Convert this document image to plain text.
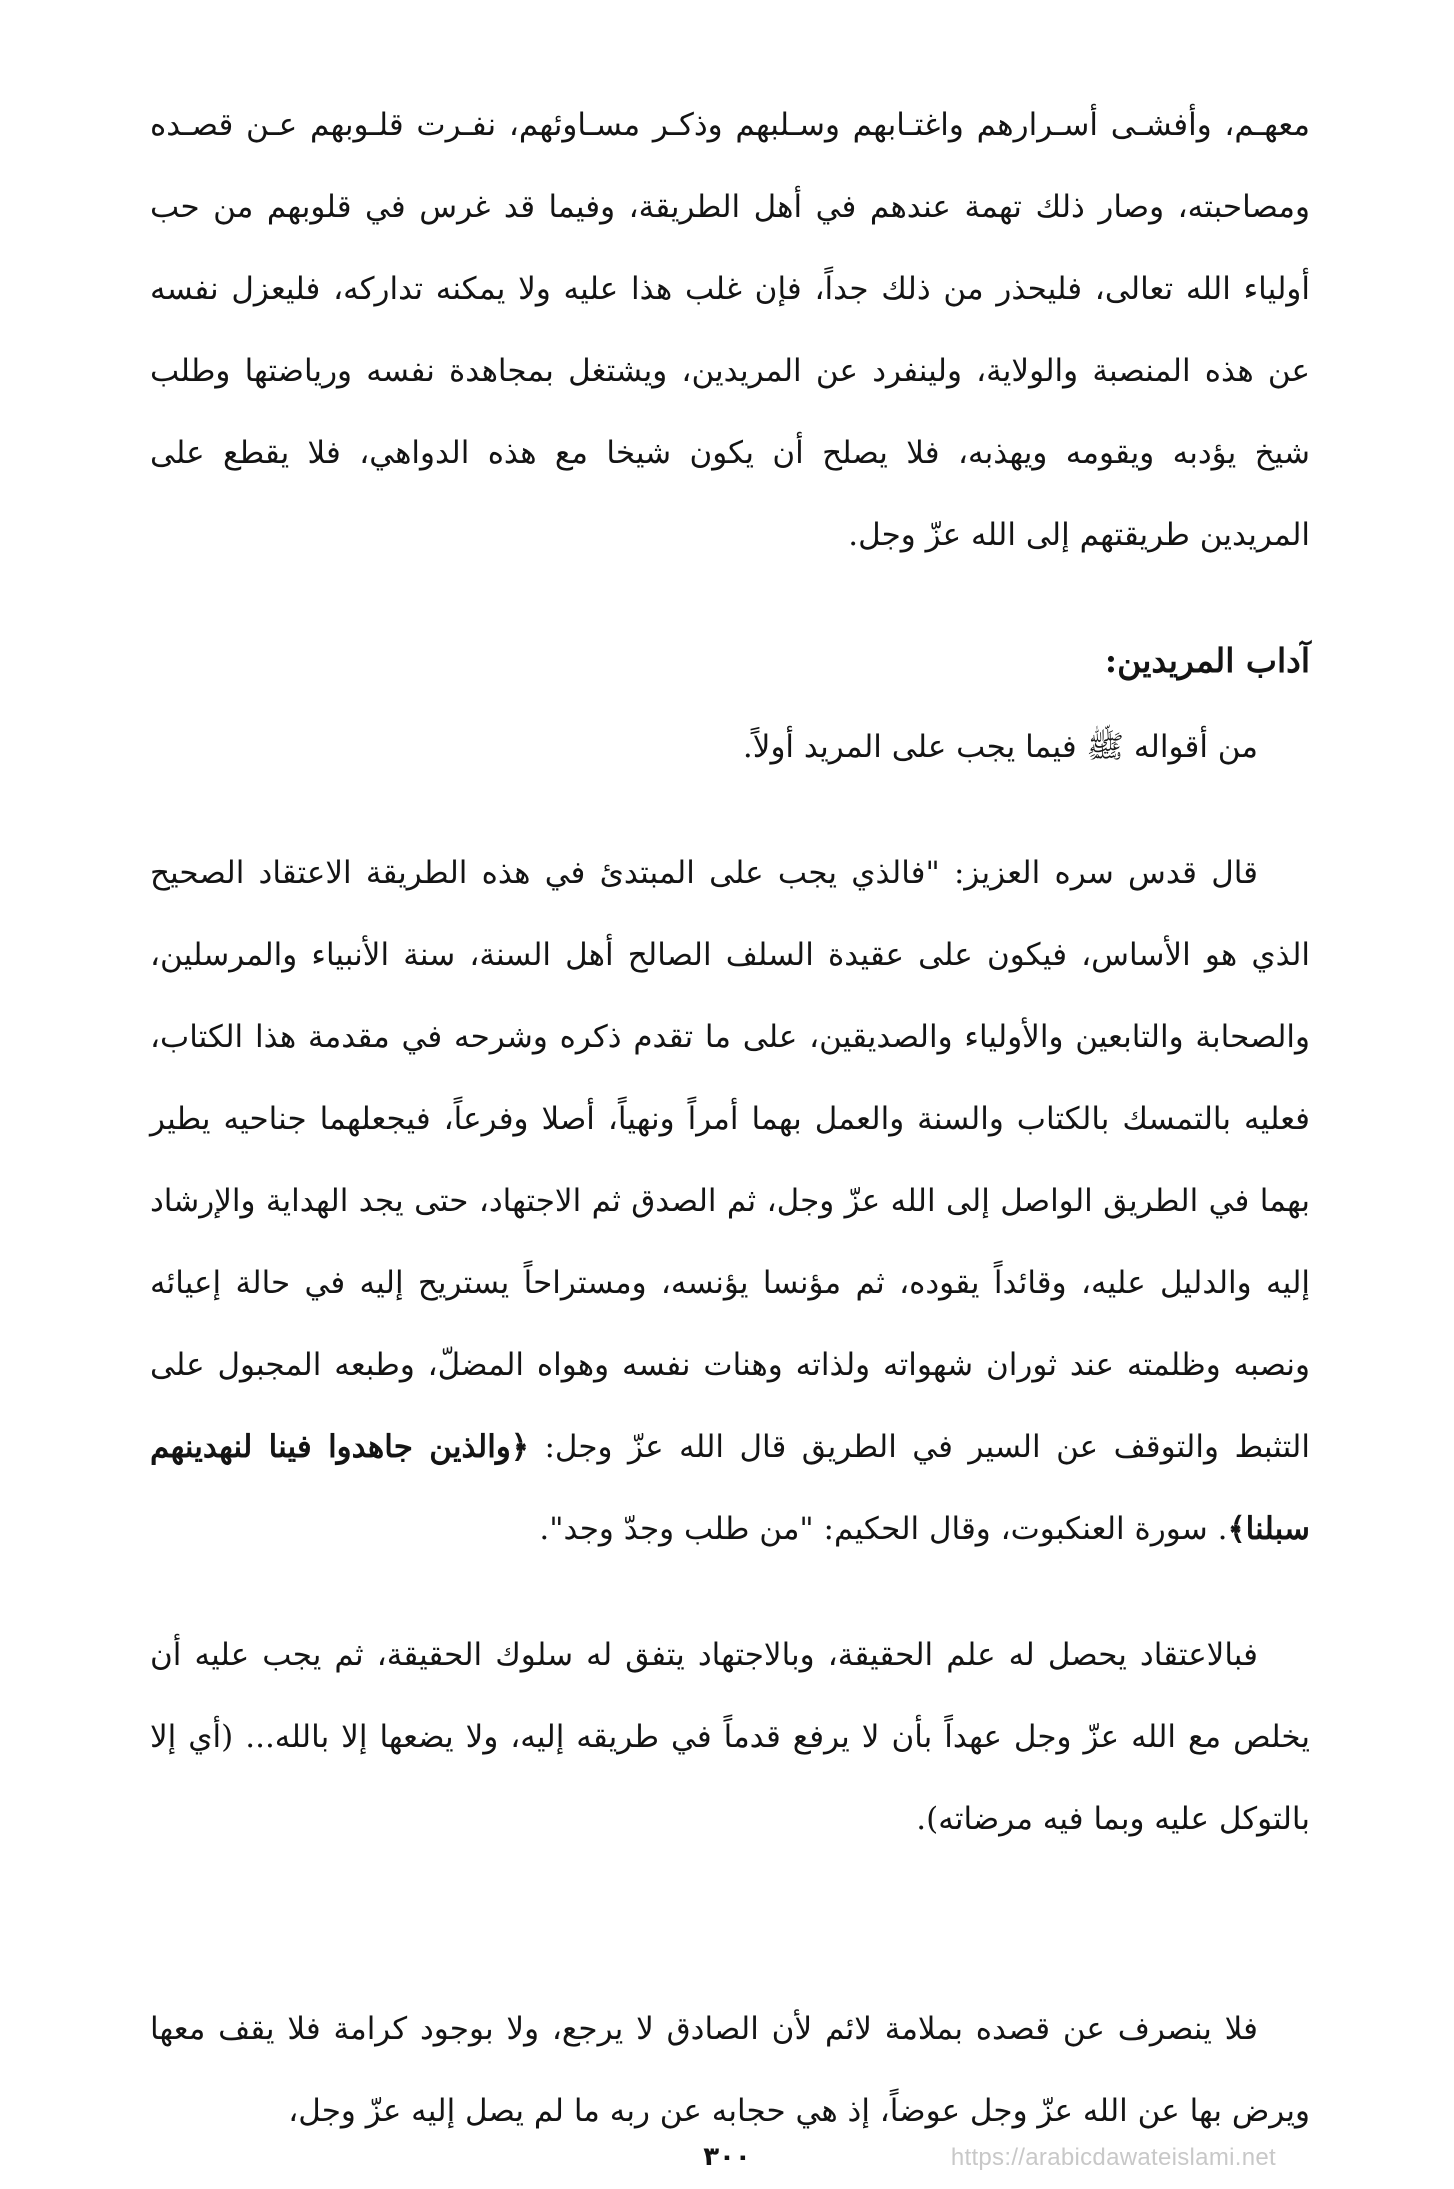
معهـم، وأفشـى أسـرارهم واغتـابهم وسـلبهم وذكـر مسـاوئهم، نفـرت قلـوبهم عـن قصـده ومصاحبته، وصار ذلك تهمة عندهم في أهل الطريقة، وفيما قد غرس في قلوبهم من حب أولياء الله تعالى، فليحذر من ذلك جداً، فإن غلب هذا عليه ولا يمكنه تداركه، فليعزل نفسه عن هذه المنصبة والولاية، ولينفرد عن المريدين، ويشتغل بمجاهدة نفسه ورياضتها وطلب شيخ يؤدبه ويقومه ويهذبه، فلا يصلح أن يكون شيخا مع هذه الدواهي، فلا يقطع على المريدين طريقتهم إلى الله عزّ وجل.

آداب المريدين:

من أقواله ﷺ فيما يجب على المريد أولاً.

قال قدس سره العزيز: "فالذي يجب على المبتدئ في هذه الطريقة الاعتقاد الصحيح الذي هو الأساس، فيكون على عقيدة السلف الصالح أهل السنة، سنة الأنبياء والمرسلين، والصحابة والتابعين والأولياء والصديقين، على ما تقدم ذكره وشرحه في مقدمة هذا الكتاب، فعليه بالتمسك بالكتاب والسنة والعمل بهما أمراً ونهياً، أصلا وفرعاً، فيجعلهما جناحيه يطير بهما في الطريق الواصل إلى الله عزّ وجل، ثم الصدق ثم الاجتهاد، حتى يجد الهداية والإرشاد إليه والدليل عليه، وقائداً يقوده، ثم مؤنسا يؤنسه، ومستراحاً يستريح إليه في حالة إعيائه ونصبه وظلمته عند ثوران شهواته ولذاته وهنات نفسه وهواه المضلّ، وطبعه المجبول على التثبط والتوقف عن السير في الطريق قال الله عزّ وجل: ﴿والذين جاهدوا فينا لنهدينهم سبلنا﴾. سورة العنكبوت، وقال الحكيم: "من طلب وجدّ وجد".

فبالاعتقاد يحصل له علم الحقيقة، وبالاجتهاد يتفق له سلوك الحقيقة، ثم يجب عليه أن يخلص مع الله عزّ وجل عهداً بأن لا يرفع قدماً في طريقه إليه، ولا يضعها إلا بالله... (أي إلا بالتوكل عليه وبما فيه مرضاته).

فلا ينصرف عن قصده بملامة لائم لأن الصادق لا يرجع، ولا بوجود كرامة فلا يقف معها ويرض بها عن الله عزّ وجل عوضاً، إذ هي حجابه عن ربه ما لم يصل إليه عزّ وجل،

٣٠٠	https://arabicdawateislami.net
